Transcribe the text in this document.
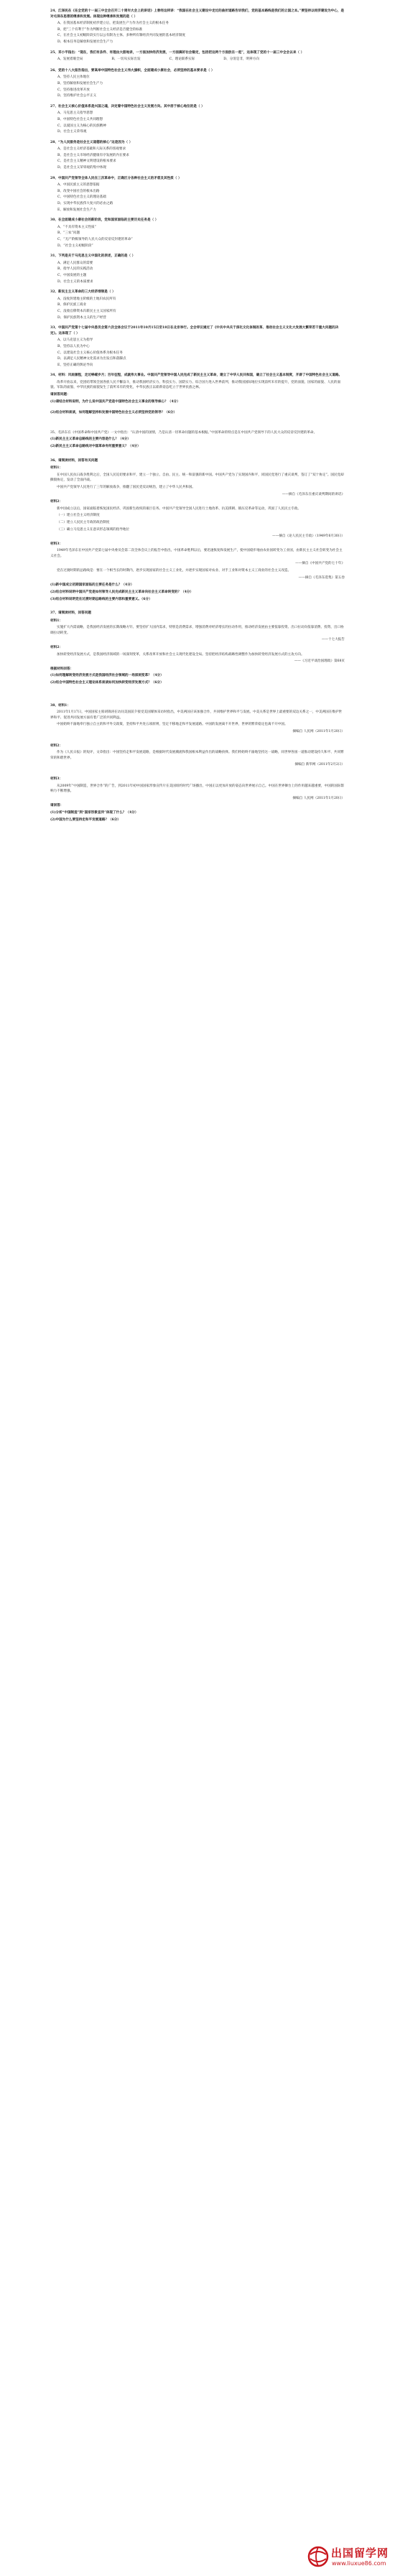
24、江泽民在《在全党的十一届三中全会召开二十周年大会上的讲话》上曾经这样讲：“我国在社会主义建设中走过的曲折道路告诉我们，党的基本路线是我们的立国之本。”要坚持以经济建设为中心，是对毛泽东思想的继承和发展。体现这种继承和发展的是（ ）

A、在我国基本经济制度初步建立后，把发展生产力作为社会主义的根本任务

B、把“三个有利于”作为判断社会主义经济是否健全的标准

C、在社会主义初级阶段实行以公有制为主体、多种所有制经济共同发展的基本经济制度

D、根本任务是解放和发展社会生产力

25、邓小平指出：“现在，我们有条件、有理由大胆地讲，一方面加快经济发展，一方面搞好社会稳定，包括把这两个方面放在一起”，这体现了党的十一届三中全会以来（ ）

A、发展着眼全局	B、一切从实际出发	C、理论联系实际	D、分清是非，明辨方向

26、党的十八大报告指出，要高举中国特色社会主义伟大旗帜，全面建成小康社会，必须坚持的基本要求是（ ）

A、坚持人民主体地位

B、坚持解放和发展社会生产力

C、坚持推进改革开放

D、坚持维护社会公平正义

27、社会主义核心价值体系是兴国之魂，决定着中国特色社会主义发展方向。其中居于核心地位的是（ ）

A、马克思主义指导思想

B、中国特色社会主义共同理想

C、以爱国主义为核心的民族精神

D、社会主义荣辱观

28、“为人民服务是社会主义道德的核心”这是因为（ ）

A、是社会主义经济基础和人际关系的客观要求

B、是社会主义市场经济健康有序发展的内在要求

C、是社会主义精神文明建设的根本要求

D、是社会主义荣辱观的集中体现

29、中国共产党领导全体人民在三次革命中，正确区分各种社会主义的矛盾及其性质（ ）

A、中国民族主义的思想依据

B、改变中国社会的根本出路

C、中国特色社会主义的理论基础

D、实现中华民族伟大复兴的必由之路

E、解放和发展社会生产力

30、在全面建成小康社会的新阶段，党和国家面临的主要历史任务是（ ）

A、“不具有资本主义性质”

B、“三农”问题

C、“无产阶级领导的人民大众的反帝反封建的革命”

D、“社会主义初级阶段”

31、下列是关于马克思主义中国化的表述，正确的是（ ）

A、满足人民群众的需要

B、指导人民的实践活动

C、中国发展的主题

D、社会主义的本质要求

32、新民主主义革命的三大经济纲领是（ ）

A、没收封建地主阶级的土地归农民所有

B、保护民族工商业

C、没收官僚资本归新民主主义国家所有

D、保护民族资本主义的生产经营

33、中国共产党第十七届中央委员会第六次全体会议于2011年10月15日至18日在北京举行。全会审议通过了《中共中央关于深化文化体制改革、推动社会主义文化大发展大繁荣若干重大问题的决定》。这体现了（ ）

A、以马克思主义为指导

B、坚持以人民为中心

C、以建设社会主义核心价值体系为根本任务

D、以满足人民精神文化需求为出发点和落脚点

E、坚持正确的舆论导向

34、材料：风雨兼程，走过峥嵘岁月；百年征程，成就伟大事业。中国共产党领导中国人民完成了新民主主义革命，建立了中华人民共和国，确立了社会主义基本制度，开辟了中国特色社会主义道路。

改革开放以来，党团结带领全国各族人民不懈奋斗，推动我国经济实力、科技实力、国防实力、综合国力进入世界前列，推动我国国际地位实现前所未有的提升，党的面貌、国家的面貌、人民的面貌、军队的面貌、中华民族的面貌发生了前所未有的变化，中华民族正以崭新姿态屹立于世界民族之林。

请回答问题：

(1)请结合材料说明，为什么说中国共产党是中国特色社会主义事业的领导核心？（4分）

(2)结合材料谈谈，如何理解坚持和发展中国特色社会主义必须坚持党的领导？（6分）

35、毛泽东在《中国革命和中国共产党》一文中指出：“认清中国的国情，乃是认清一切革命问题的基本根据。”中国革命的特点是在中国共产党领导下的人民大众的反帝反封建的革命。

(1)新民主主义革命总路线的主要内容是什么？（4分）

(2)新民主主义革命总路线对中国革命有何重要意义？（4分）

36、请阅读材料，回答有关问题

材料1：

在中国人民抗日战争胜利之后，全国人民迫切要求和平，建立一个独立、自由、民主、统一和富强的新中国。中国共产党为了实现国内和平，同国民党进行了重庆谈判，签订了“双十协定”。国民党却撕毁协定，发动了全面内战。

中国共产党领导人民进行了三年的解放战争，推翻了国民党反动统治，建立了中华人民共和国。

——摘自《毛泽东在重庆谈判期间的讲话》

材料2：

新中国成立以后，国家面临着恢复国民经济、巩固新生政权的艰巨任务。中国共产党领导全国人民进行土地改革、抗美援朝、镇压反革命等运动，巩固了人民民主专政。

（一）建立社会主义经济制度

（二）建立人民民主专政的政治制度

（三）确立马克思主义在意识形态领域的指导地位

——摘自《论人民民主专政》（1949年6月30日）

材料3：

1949年毛泽东在中国共产党第七届中央委员会第二次全体会议上的报告中指出，中国革命胜利以后，要迅速恢复和发展生产，使中国稳步地由农业国转变为工业国，由新民主主义社会转变为社会主义社会。

——摘自《中国共产党的七十年》

党在过渡时期的总路线是：要在一个相当长的时期内，逐步实现国家的社会主义工业化，并逐步实现国家对农业、对手工业和对资本主义工商业的社会主义改造。

——摘自《毛泽东选集》第五卷

(1)新中国成立初期国家面临的主要任务是什么？（4分）

(2)结合材料说明中国共产党是如何领导人民完成新民主主义革命向社会主义革命转变的？（4分）

(3)结合材料说明党在过渡时期总路线的主要内容和重要意义。（6分）

37、请阅读材料，回答问题

材料1：

实施扩大内需战略，是我国经济发展的长期战略方针。要坚持扩大国内需求，特别是消费需求，增强消费对经济增长的拉动作用，推动经济发展由主要依靠投资、出口拉动向依靠消费、投资、出口协调拉动转变。

——十七大报告

材料2：

加快转变经济发展方式，是我国经济领域的一场深刻变革，关系改革开放和社会主义现代化建设全局。坚持把经济结构战略性调整作为加快转变经济发展方式的主攻方向。

——《习近平谈治国理政》第68页

根据材料回答：

(1)如何理解转变经济发展方式是我国经济社会领域的一场深刻变革？（4分）

(2)结合中国特色社会主义理论体系谈谈如何加快转变经济发展方式？（6分）

38、材料1：

2011年1月17日，中国国家主席胡锦涛在访问美国前夕接受美国媒体采访时指出，中美两国应该加强合作，共同维护世界和平与发展。中美关系是世界上最重要的双边关系之一，中美两国在维护世界和平、促进共同发展方面有着广泛的共同利益。

中国始终不渝地奉行独立自主的和平外交政策，坚持和平共处五项原则，坚定不移地走和平发展道路。中国的发展离不开世界，世界的繁荣稳定也离不开中国。

摘编自 人民网（2011年1月20日）

材料2：

作为《人民日报》的短评，文章指出：中国坚持走和平发展道路，是根据时代发展潮流和我国根本利益作出的战略抉择。我们将始终不渝地坚持这一战略，同世界各国一道推动建设持久和平、共同繁荣的和谐世界。

摘编自 新华网（2011年2月2日）

材料3：

从2009年“中国制造，世界合作”的广告，到2011年初中国国家形象宣传片在美国纽约时代广场播出，中国正以更加开放的姿态向世界展示自己。中国在世界舞台上的作用越来越重要，中国的国际影响力不断增强。

摘编自 人民网（2011年1月20日）

请回答：

(1)分析“中国制造”到“国家形象宣传”体现了什么？（4分）

(2)中国为什么要坚持走和平发展道路？（6分）

出国留学网
www.liuxue86.com
